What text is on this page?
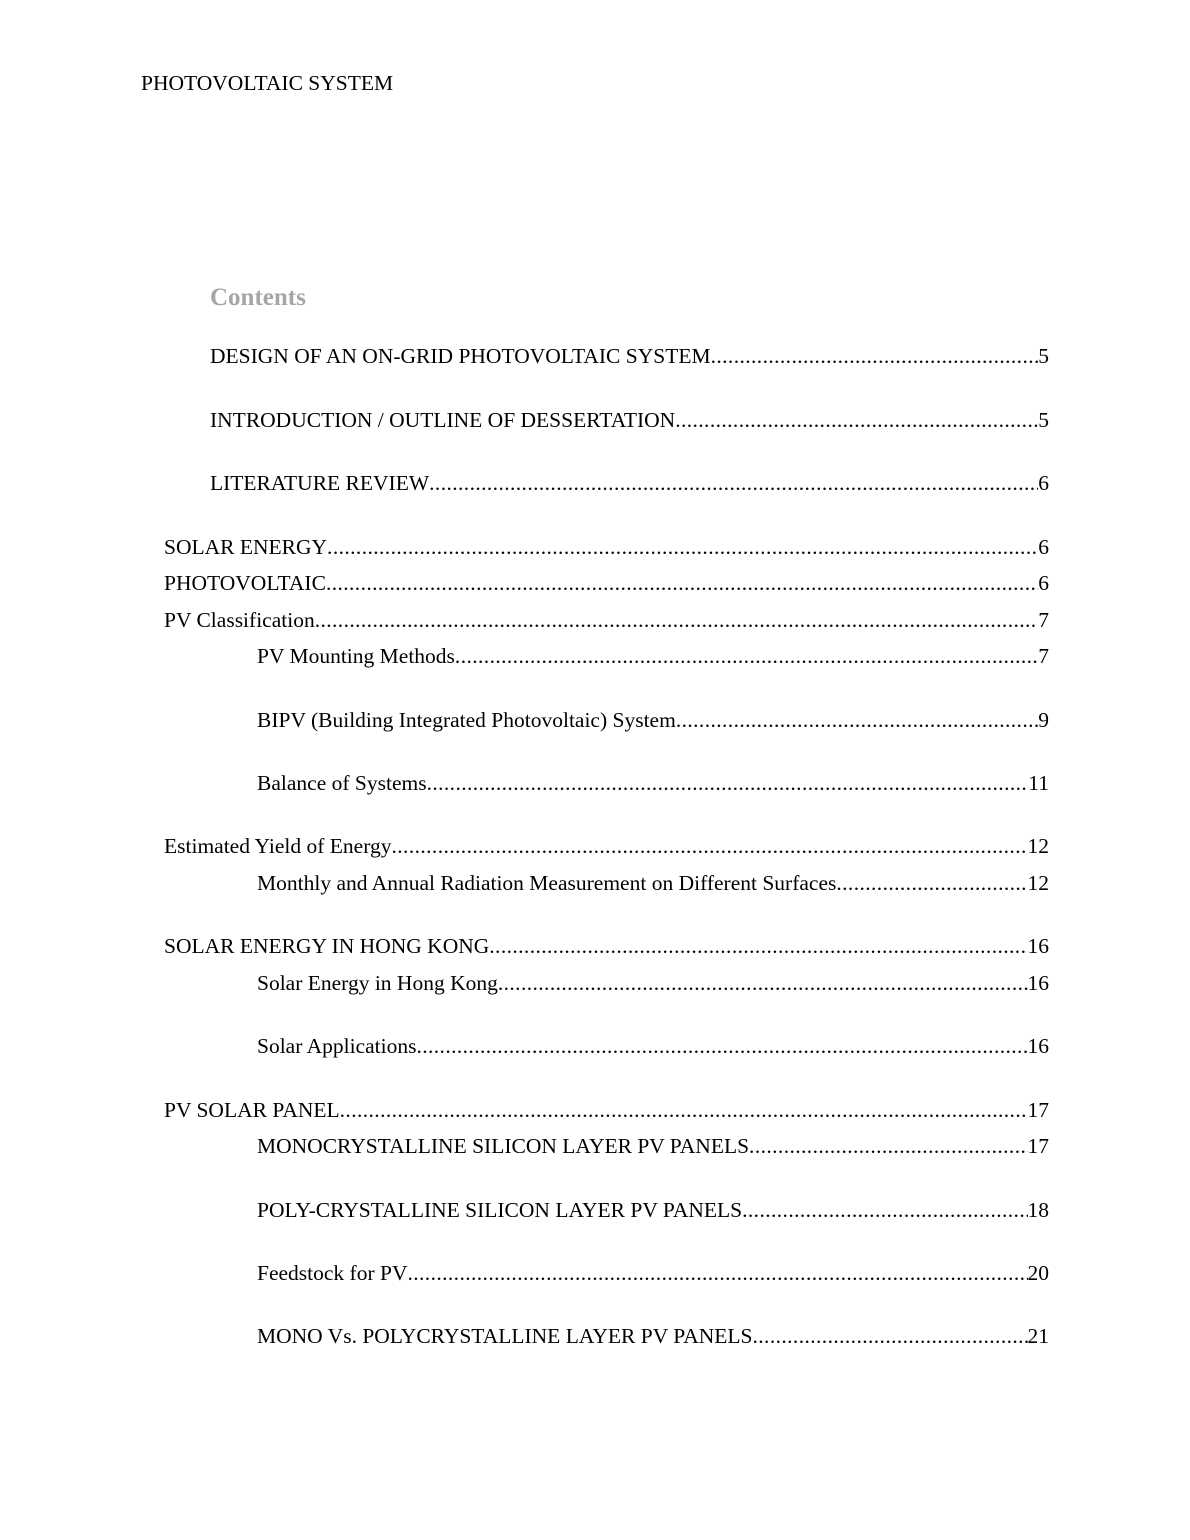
PHOTOVOLTAIC SYSTEM
Contents
DESIGN OF AN ON-GRID PHOTOVOLTAIC SYSTEM .....	5
INTRODUCTION / OUTLINE OF DESSERTATION .....	5
LITERATURE REVIEW .....	6
SOLAR ENERGY .....	6
PHOTOVOLTAIC .....	6
PV Classification .....	7
PV Mounting Methods .....	7
BIPV (Building Integrated Photovoltaic) System .....	9
Balance of Systems .....	11
Estimated Yield of Energy .....	12
Monthly and Annual Radiation Measurement on Different Surfaces .....	12
SOLAR ENERGY IN HONG KONG .....	16
Solar Energy in Hong Kong .....	16
Solar Applications .....	16
PV SOLAR PANEL .....	17
MONOCRYSTALLINE SILICON LAYER PV PANELS .....	17
POLY-CRYSTALLINE SILICON LAYER PV PANELS .....	18
Feedstock for PV .....	20
MONO Vs. POLYCRYSTALLINE LAYER PV PANELS .....	21
